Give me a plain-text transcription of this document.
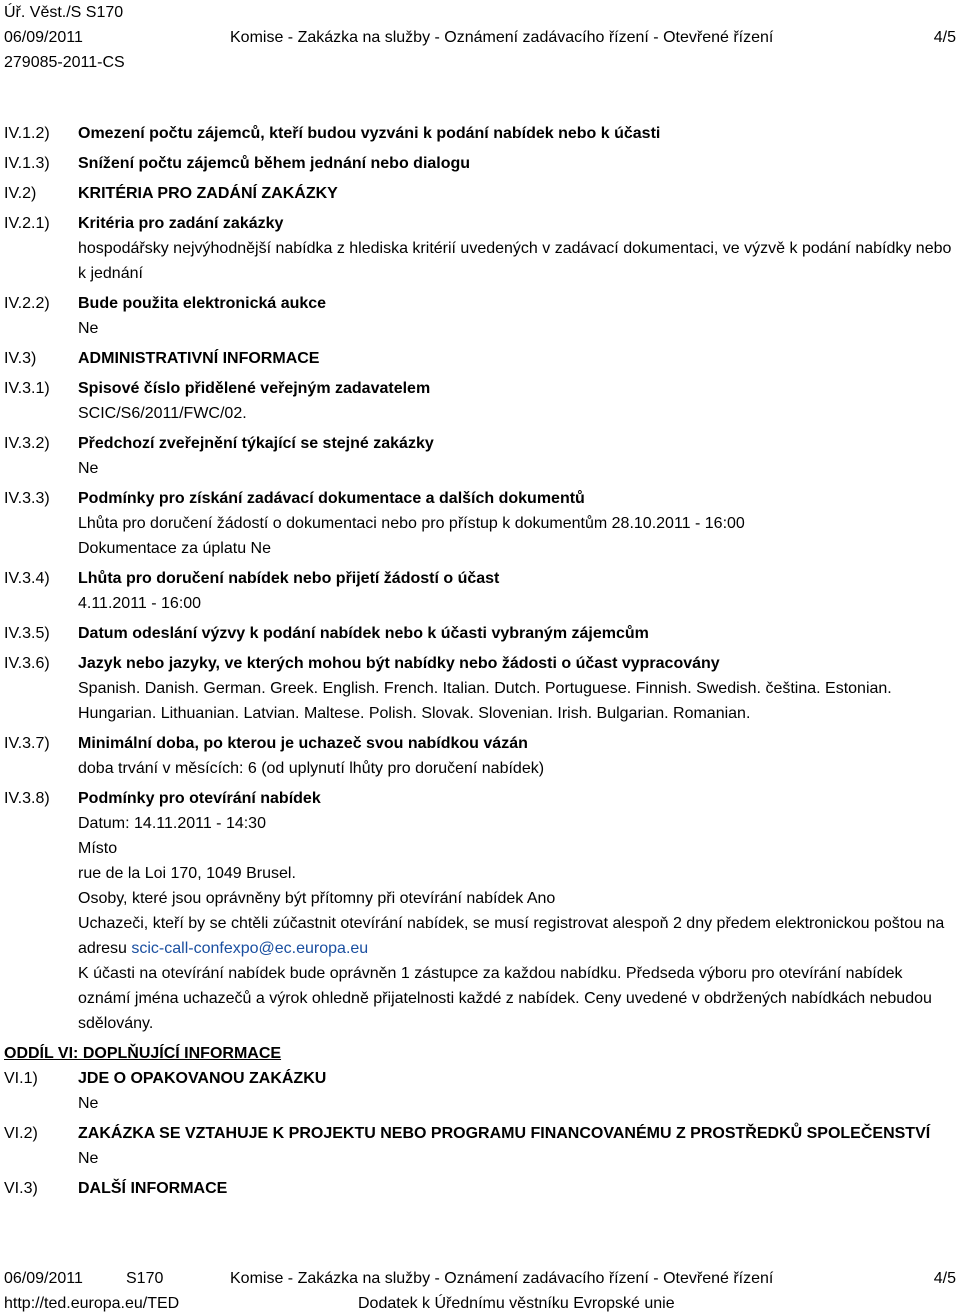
Úř. Věst./S S170
06/09/2011	Komise - Zakázka na služby - Oznámení zadávacího řízení - Otevřené řízení	4/5
279085-2011-CS
IV.1.2)	Omezení počtu zájemců, kteří budou vyzváni k podání nabídek nebo k účasti
IV.1.3)	Snížení počtu zájemců během jednání nebo dialogu
IV.2)	KRITÉRIA PRO ZADÁNÍ ZAKÁZKY
IV.2.1)	Kritéria pro zadání zakázky
hospodářsky nejvýhodnější nabídka z hlediska kritérií uvedených v zadávací dokumentaci, ve výzvě k podání nabídky nebo k jednání
IV.2.2)	Bude použita elektronická aukce
Ne
IV.3)	ADMINISTRATIVNÍ INFORMACE
IV.3.1)	Spisové číslo přidělené veřejným zadavatelem
SCIC/S6/2011/FWC/02.
IV.3.2)	Předchozí zveřejnění týkající se stejné zakázky
Ne
IV.3.3)	Podmínky pro získání zadávací dokumentace a dalších dokumentů
Lhůta pro doručení žádostí o dokumentaci nebo pro přístup k dokumentům 28.10.2011 - 16:00
Dokumentace za úplatu Ne
IV.3.4)	Lhůta pro doručení nabídek nebo přijetí žádostí o účast
4.11.2011 - 16:00
IV.3.5)	Datum odeslání výzvy k podání nabídek nebo k účasti vybraným zájemcům
IV.3.6)	Jazyk nebo jazyky, ve kterých mohou být nabídky nebo žádosti o účast vypracovány
Spanish. Danish. German. Greek. English. French. Italian. Dutch. Portuguese. Finnish. Swedish. čeština. Estonian. Hungarian. Lithuanian. Latvian. Maltese. Polish. Slovak. Slovenian. Irish. Bulgarian. Romanian.
IV.3.7)	Minimální doba, po kterou je uchazeč svou nabídkou vázán
doba trvání v měsících: 6 (od uplynutí lhůty pro doručení nabídek)
IV.3.8)	Podmínky pro otevírání nabídek
Datum: 14.11.2011 - 14:30
Místo
rue de la Loi 170, 1049 Brusel.
Osoby, které jsou oprávněny být přítomny při otevírání nabídek Ano
Uchazeči, kteří by se chtěli zúčastnit otevírání nabídek, se musí registrovat alespoň 2 dny předem elektronickou poštou na adresu scic-call-confexpo@ec.europa.eu
K účasti na otevírání nabídek bude oprávněn 1 zástupce za každou nabídku. Předseda výboru pro otevírání nabídek oznámí jména uchazečů a výrok ohledně přijatelnosti každé z nabídek. Ceny uvedené v obdržených nabídkách nebudou sdělovány.
ODDÍL VI: DOPLŇUJÍCÍ INFORMACE
VI.1)	JDE O OPAKOVANOU ZAKÁZKU
Ne
VI.2)	ZAKÁZKA SE VZTAHUJE K PROJEKTU NEBO PROGRAMU FINANCOVANÉMU Z PROSTŘEDKŮ SPOLEČENSTVÍ
Ne
VI.3)	DALŠÍ INFORMACE
06/09/2011	S170	Komise - Zakázka na služby - Oznámení zadávacího řízení - Otevřené řízení	4/5
http://ted.europa.eu/TED	Dodatek k Úřednímu věstníku Evropské unie
